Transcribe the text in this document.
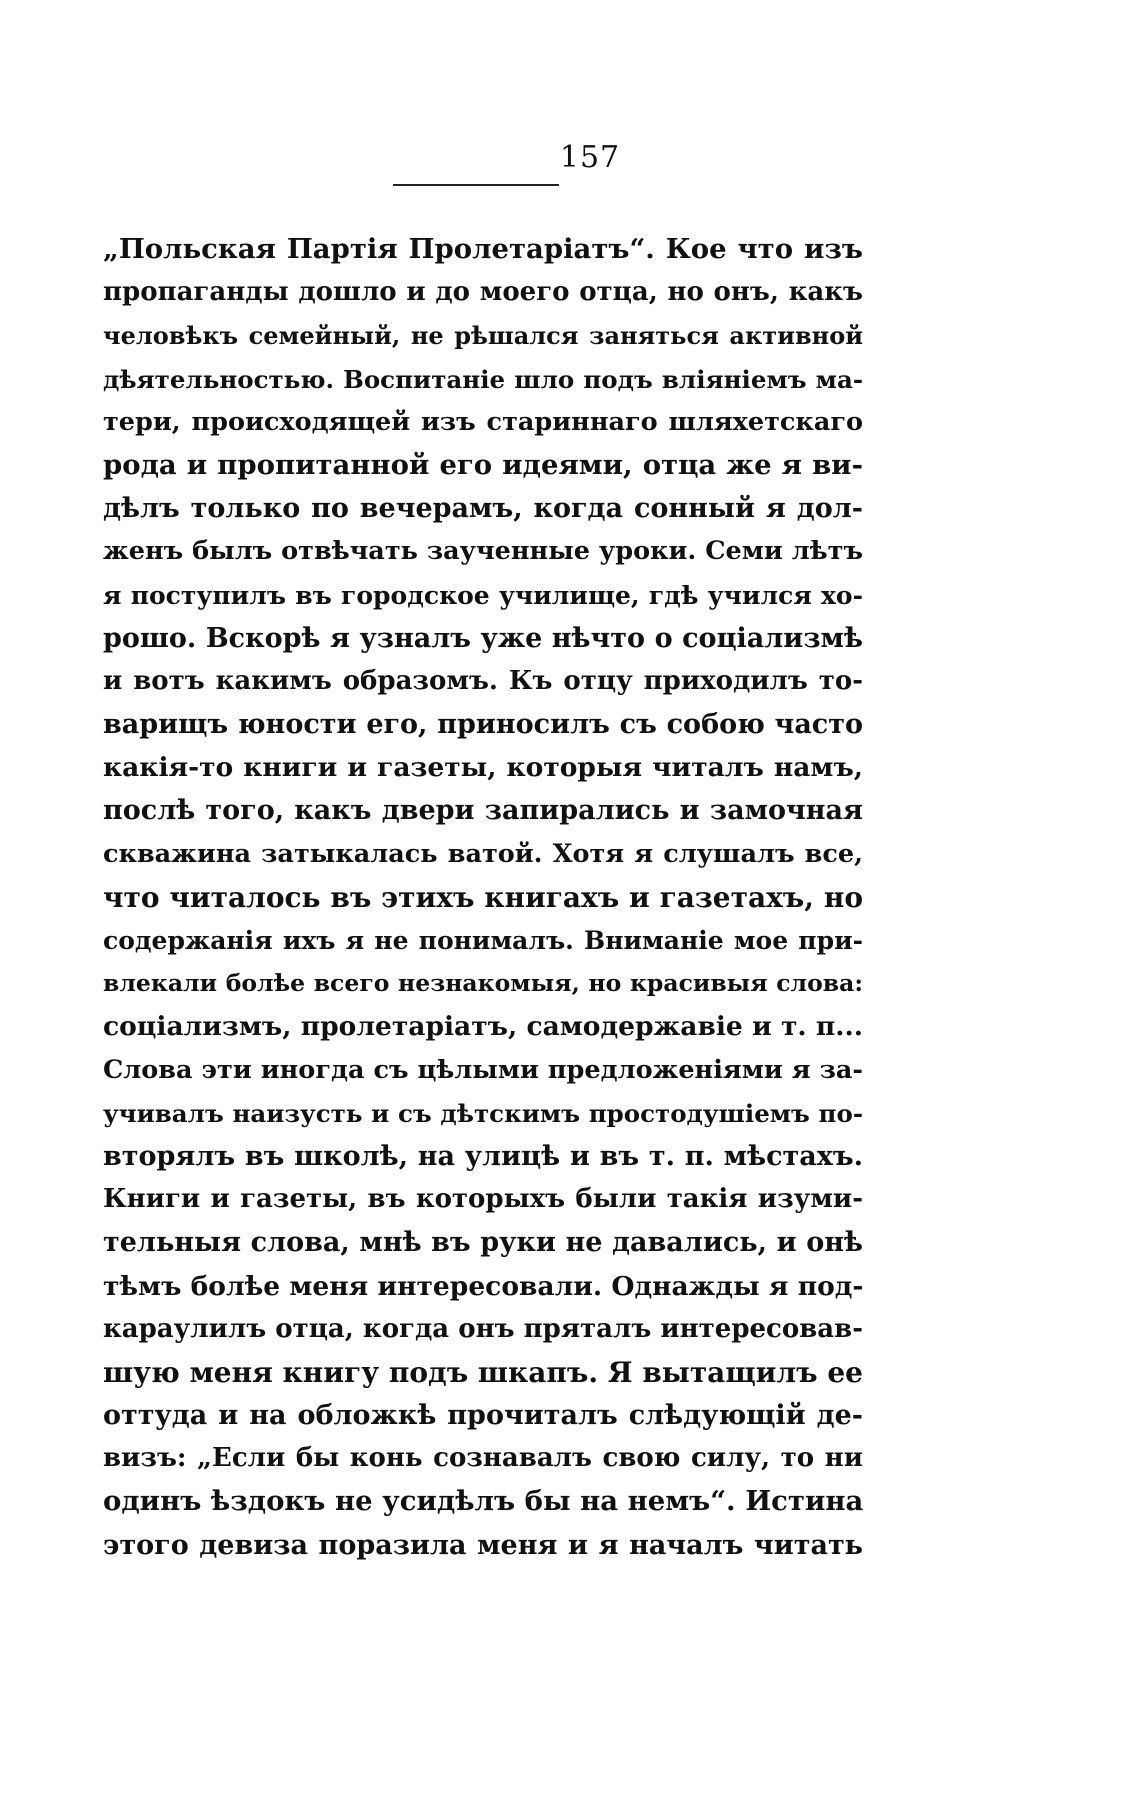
157
„Польская Партія Пролетаріатъ“. Кое что изъ
пропаганды дошло и до моего отца, но онъ, какъ
человѣкъ семейный, не рѣшался заняться активной
дѣятельностью. Воспитаніе шло подъ вліяніемъ ма-
тери, происходящей изъ стариннаго шляхетскаго
рода и пропитанной его идеями, отца же я ви-
дѣлъ только по вечерамъ, когда сонный я дол-
женъ былъ отвѣчать заученные уроки. Семи лѣтъ
я поступилъ въ городское училище, гдѣ учился хо-
рошо. Вскорѣ я узналъ уже нѣчто о соціализмѣ
и вотъ какимъ образомъ. Къ отцу приходилъ то-
варищъ юности его, приносилъ съ собою часто
какія-то книги и газеты, которыя читалъ намъ,
послѣ того, какъ двери запирались и замочная
скважина затыкалась ватой. Хотя я слушалъ все,
что читалось въ этихъ книгахъ и газетахъ, но
содержанія ихъ я не понималъ. Вниманіе мое при-
влекали болѣе всего незнакомыя, но красивыя слова:
соціализмъ, пролетаріатъ, самодержавіе и т. п...
Слова эти иногда съ цѣлыми предложеніями я за-
учивалъ наизусть и съ дѣтскимъ простодушіемъ по-
вторялъ въ школѣ, на улицѣ и въ т. п. мѣстахъ.
Книги и газеты, въ которыхъ были такія изуми-
тельныя слова, мнѣ въ руки не давались, и онѣ
тѣмъ болѣе меня интересовали. Однажды я под-
караулилъ отца, когда онъ пряталъ интересовав-
шую меня книгу подъ шкапъ. Я вытащилъ ее
оттуда и на обложкѣ прочиталъ слѣдующій де-
визъ: „Если бы конь сознавалъ свою силу, то ни
одинъ ѣздокъ не усидѣлъ бы на немъ“. Истина
этого девиза поразила меня и я началъ читать
